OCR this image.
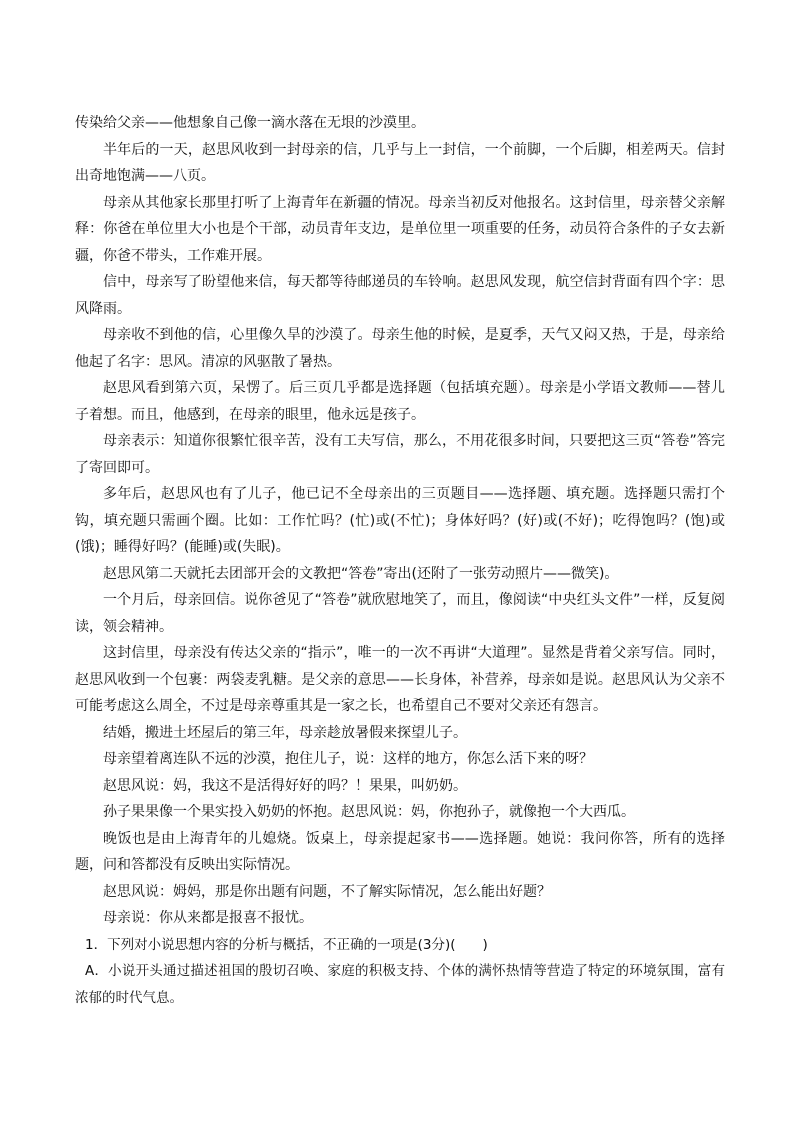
传染给父亲——他想象自己像一滴水落在无垠的沙漠里。

半年后的一天，赵思风收到一封母亲的信，几乎与上一封信，一个前脚，一个后脚，相差两天。信封出奇地饱满——八页。

母亲从其他家长那里打听了上海青年在新疆的情况。母亲当初反对他报名。这封信里，母亲替父亲解释：你爸在单位里大小也是个干部，动员青年支边，是单位里一项重要的任务，动员符合条件的子女去新疆，你爸不带头，工作难开展。

信中，母亲写了盼望他来信，每天都等待邮递员的车铃响。赵思风发现，航空信封背面有四个字：思风降雨。

母亲收不到他的信，心里像久旱的沙漠了。母亲生他的时候，是夏季，天气又闷又热，于是，母亲给他起了名字：思风。清凉的风驱散了暑热。

赵思风看到第六页，呆愣了。后三页几乎都是选择题（包括填充题）。母亲是小学语文教师——替儿子着想。而且，他感到，在母亲的眼里，他永远是孩子。

母亲表示：知道你很繁忙很辛苦，没有工夫写信，那么，不用花很多时间，只要把这三页“答卷”答完了寄回即可。

多年后，赵思风也有了儿子，他已记不全母亲出的三页题目——选择题、填充题。选择题只需打个钩，填充题只需画个圈。比如：工作忙吗？(忙)或(不忙)；身体好吗？(好)或(不好)；吃得饱吗？(饱)或(饿)；睡得好吗？(能睡)或(失眠)。

赵思风第二天就托去团部开会的文教把“答卷”寄出(还附了一张劳动照片——微笑)。

一个月后，母亲回信。说你爸见了“答卷”就欣慰地笑了，而且，像阅读“中央红头文件”一样，反复阅读，领会精神。

这封信里，母亲没有传达父亲的“指示”，唯一的一次不再讲“大道理”。显然是背着父亲写信。同时，赵思风收到一个包裹：两袋麦乳糖。是父亲的意思——长身体，补营养，母亲如是说。赵思风认为父亲不可能考虑这么周全，不过是母亲尊重其是一家之长，也希望自己不要对父亲还有怨言。

结婚，搬进土坯屋后的第三年，母亲趁放暑假来探望儿子。

母亲望着离连队不远的沙漠，抱住儿子，说：这样的地方，你怎么活下来的呀？

赵思风说：妈，我这不是活得好好的吗？！果果，叫奶奶。

孙子果果像一个果实投入奶奶的怀抱。赵思风说：妈，你抱孙子，就像抱一个大西瓜。

晚饭也是由上海青年的儿媳烧。饭桌上，母亲提起家书——选择题。她说：我问你答，所有的选择题，问和答都没有反映出实际情况。

赵思风说：姆妈，那是你出题有问题，不了解实际情况，怎么能出好题？

母亲说：你从来都是报喜不报忧。

1．下列对小说思想内容的分析与概括，不正确的一项是(3分)(　　)

A．小说开头通过描述祖国的殷切召唤、家庭的积极支持、个体的满怀热情等营造了特定的环境氛围，富有浓郁的时代气息。
